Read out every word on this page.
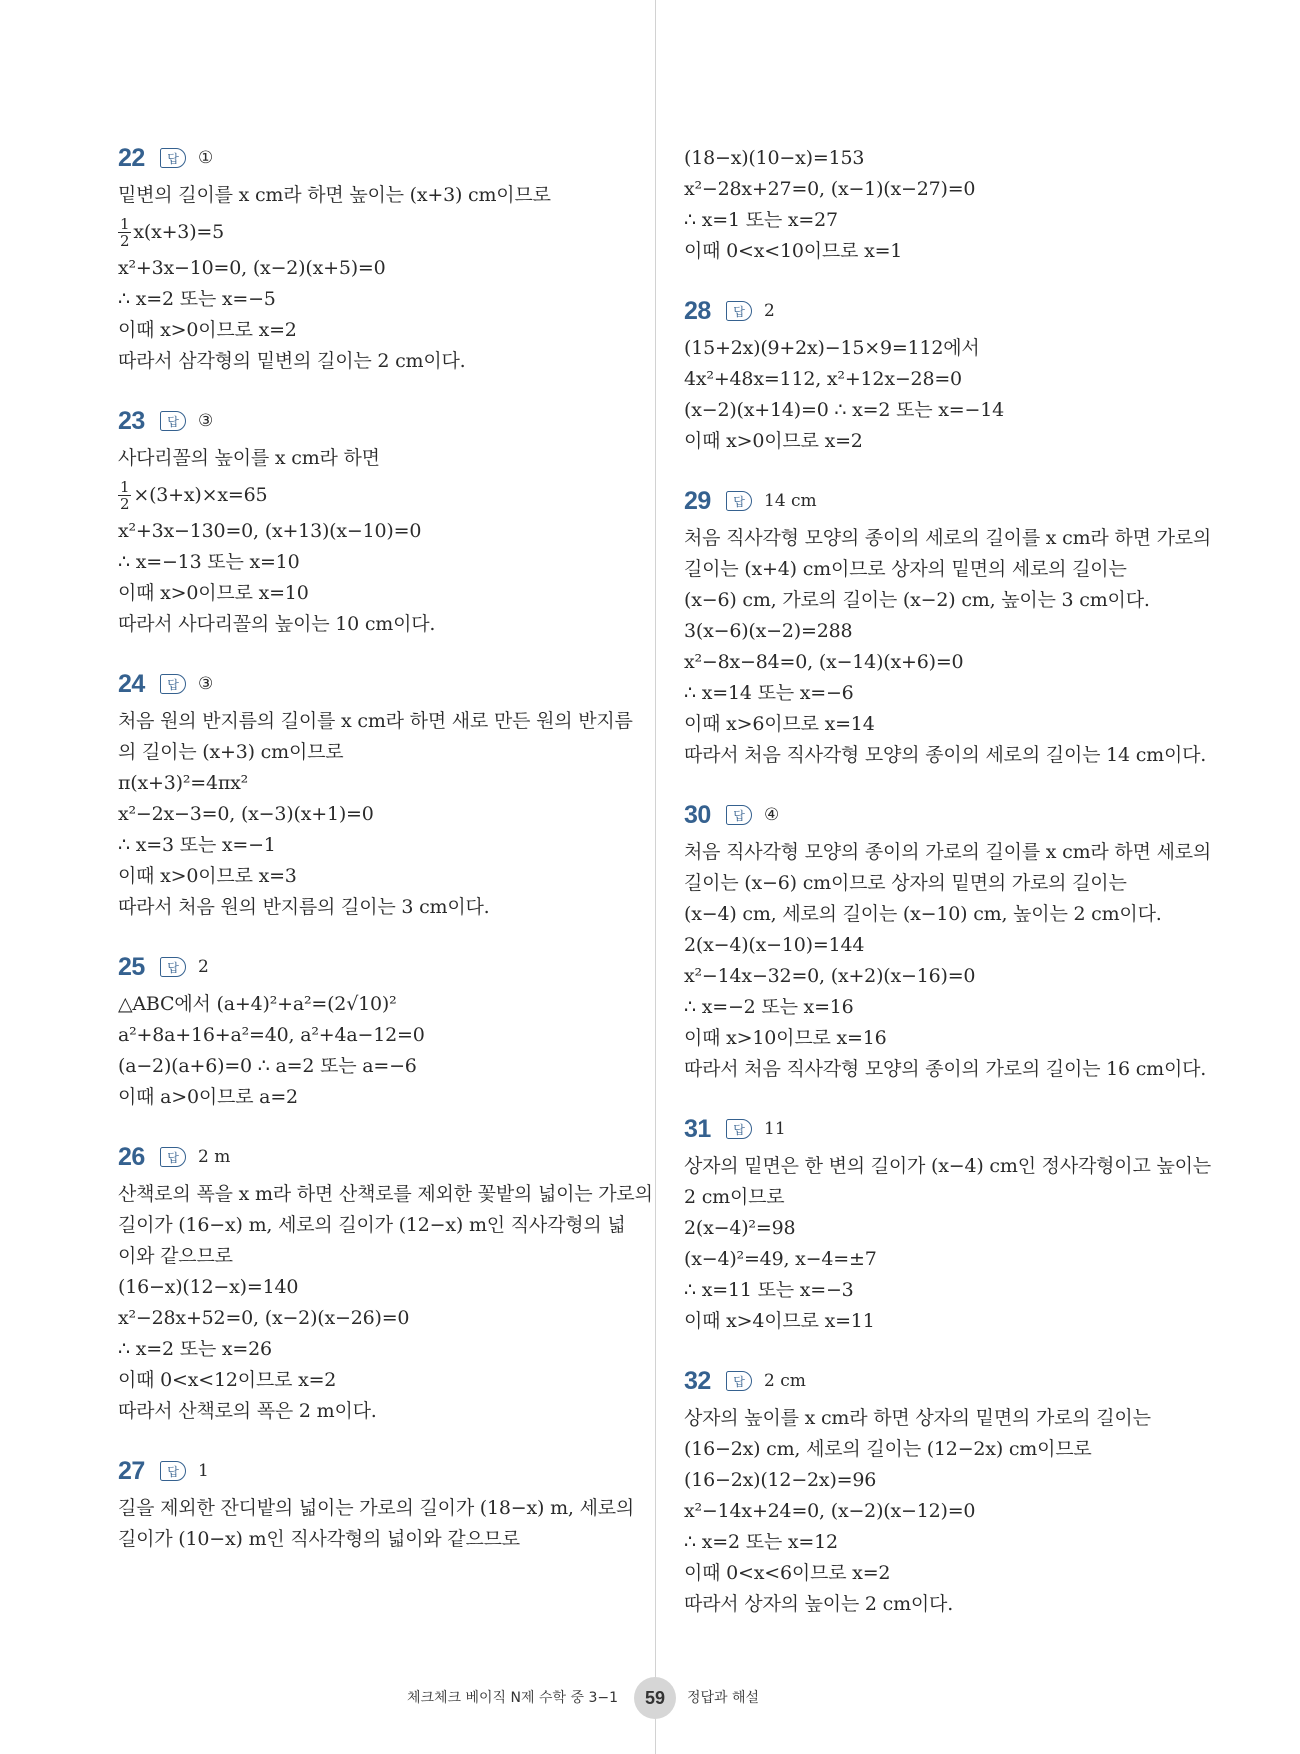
22	답	①
밑변의 길이를 x cm라 하면 높이는 (x+3) cm이므로
$\frac{1}{2} x(x+3)=5$
x²+3x−10=0, (x−2)(x+5)=0
∴ x=2 또는 x=−5
이때 x>0이므로 x=2
따라서 삼각형의 밑변의 길이는 2 cm이다.
23	답	③
사다리꼴의 높이를 x cm라 하면
$\frac{1}{2} \times(3+x)\times x=65$
x²+3x−130=0, (x+13)(x−10)=0
∴ x=−13 또는 x=10
이때 x>0이므로 x=10
따라서 사다리꼴의 높이는 10 cm이다.
24	답	③
처음 원의 반지름의 길이를 x cm라 하면 새로 만든 원의 반지름
의 길이는 (x+3) cm이므로
π(x+3)²=4πx²
x²−2x−3=0, (x−3)(x+1)=0
∴ x=3 또는 x=−1
이때 x>0이므로 x=3
따라서 처음 원의 반지름의 길이는 3 cm이다.
25	답	2
△ABC에서 (a+4)²+a²=(2√10)²
a²+8a+16+a²=40, a²+4a−12=0
(a−2)(a+6)=0 ∴ a=2 또는 a=−6
이때 a>0이므로 a=2
26	답	2 m
산책로의 폭을 x m라 하면 산책로를 제외한 꽃밭의 넓이는 가로의
길이가 (16−x) m, 세로의 길이가 (12−x) m인 직사각형의 넓
이와 같으므로
(16−x)(12−x)=140
x²−28x+52=0, (x−2)(x−26)=0
∴ x=2 또는 x=26
이때 0<x<12이므로 x=2
따라서 산책로의 폭은 2 m이다.
27	답	1
길을 제외한 잔디밭의 넓이는 가로의 길이가 (18−x) m, 세로의
길이가 (10−x) m인 직사각형의 넓이와 같으므로
(18−x)(10−x)=153
x²−28x+27=0, (x−1)(x−27)=0
∴ x=1 또는 x=27
이때 0<x<10이므로 x=1
28	답	2
(15+2x)(9+2x)−15×9=112에서
4x²+48x=112, x²+12x−28=0
(x−2)(x+14)=0 ∴ x=2 또는 x=−14
이때 x>0이므로 x=2
29	답	14 cm
처음 직사각형 모양의 종이의 세로의 길이를 x cm라 하면 가로의
길이는 (x+4) cm이므로 상자의 밑면의 세로의 길이는
(x−6) cm, 가로의 길이는 (x−2) cm, 높이는 3 cm이다.
3(x−6)(x−2)=288
x²−8x−84=0, (x−14)(x+6)=0
∴ x=14 또는 x=−6
이때 x>6이므로 x=14
따라서 처음 직사각형 모양의 종이의 세로의 길이는 14 cm이다.
30	답	④
처음 직사각형 모양의 종이의 가로의 길이를 x cm라 하면 세로의
길이는 (x−6) cm이므로 상자의 밑면의 가로의 길이는
(x−4) cm, 세로의 길이는 (x−10) cm, 높이는 2 cm이다.
2(x−4)(x−10)=144
x²−14x−32=0, (x+2)(x−16)=0
∴ x=−2 또는 x=16
이때 x>10이므로 x=16
따라서 처음 직사각형 모양의 종이의 가로의 길이는 16 cm이다.
31	답	11
상자의 밑면은 한 변의 길이가 (x−4) cm인 정사각형이고 높이는
2 cm이므로
2(x−4)²=98
(x−4)²=49, x−4=±7
∴ x=11 또는 x=−3
이때 x>4이므로 x=11
32	답	2 cm
상자의 높이를 x cm라 하면 상자의 밑면의 가로의 길이는
(16−2x) cm, 세로의 길이는 (12−2x) cm이므로
(16−2x)(12−2x)=96
x²−14x+24=0, (x−2)(x−12)=0
∴ x=2 또는 x=12
이때 0<x<6이므로 x=2
따라서 상자의 높이는 2 cm이다.
체크체크 베이직 N제 수학 중 3−1	59	정답과 해설
